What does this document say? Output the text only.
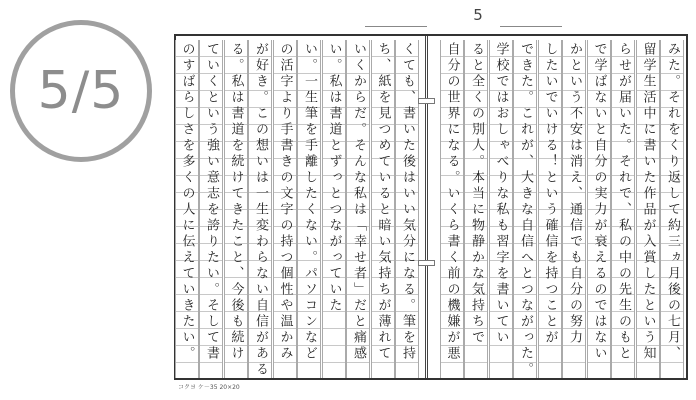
5/5
5
みた。それをくり返して約三ヵ月後の七月、
留学生活中に書いた作品が入賞したという知
らせが届いた。それで、私の中の先生のもと
で学ばないと自分の実力が衰えるのではない
かという不安は消え、通信でも自分の努力
したいでいける！という確信を持つことが
できた。これが、大きな自信へとつながった。
学校ではおしゃべりな私も習字を書いてい
ると全くの別人。本当に物静かな気持ちで
自分の世界になる。いくら書く前の機嫌が悪
くても、書いた後はいい気分になる。筆を持
ち、紙を見つめていると暗い気持ちが薄れて
いくからだ。そんな私は「幸せ者」だと痛感
い。私は書道とずっとつながっていた
い。一生筆を手離したくない。パソコンなど
の活字より手書きの文字の持つ個性や温かみ
が好き。この想いは一生変わらない自信がある
る。私は書道を続けてきたこと、今後も続け
ていくという強い意志を誇りたい。そして書
のすばらしさを多くの人に伝えていきたい。
コクヨ ケ－35 20×20
